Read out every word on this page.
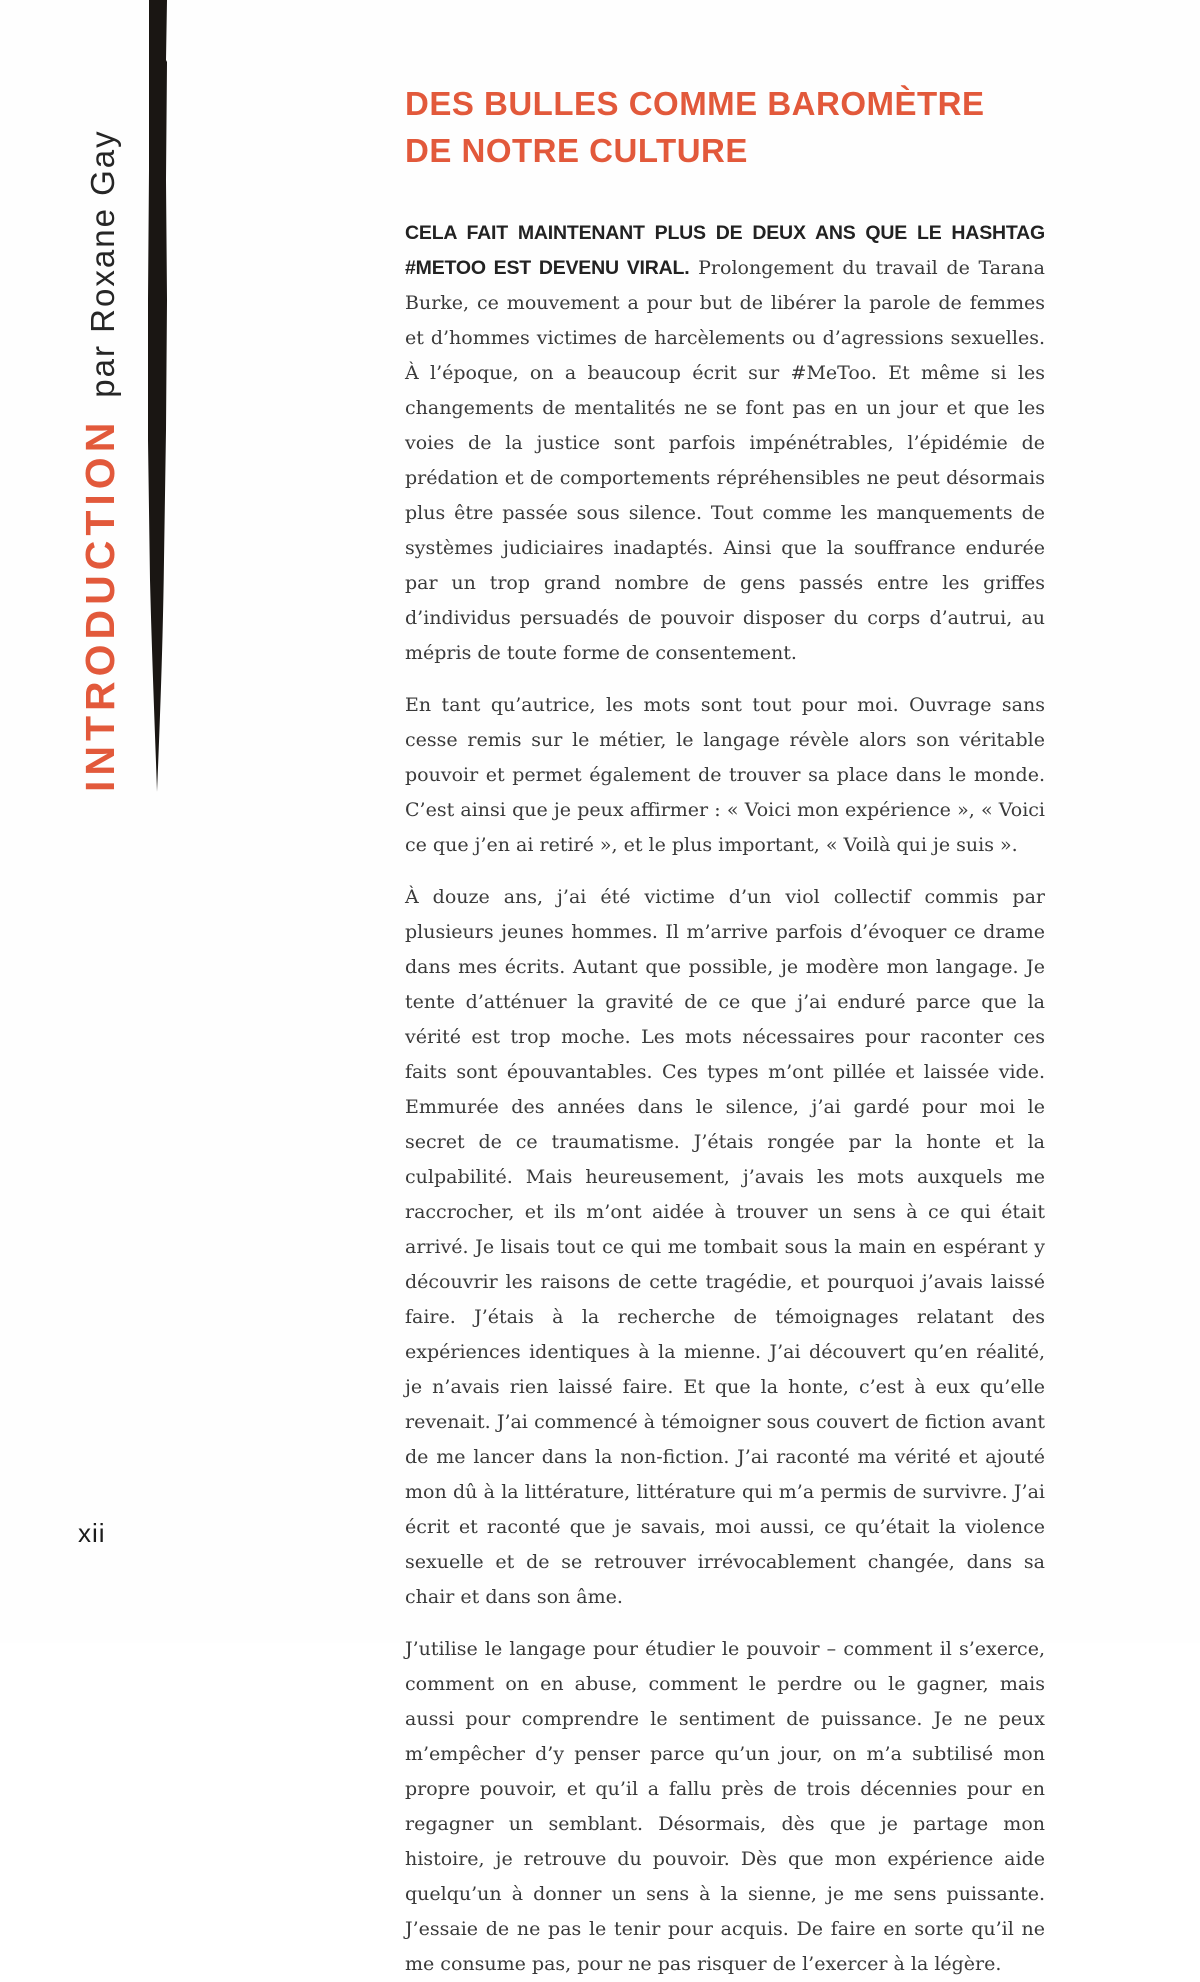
INTRODUCTIONpar Roxane Gay
DES BULLES COMME BAROMÈTRE
DE NOTRE CULTURE

CELA FAIT MAINTENANT PLUS DE DEUX ANS QUE LE HASHTAG #METOO EST DEVENU VIRAL. Prolongement du travail de Tarana Burke, ce mouvement a pour but de libérer la parole de femmes et d’hommes victimes de harcèlements ou d’agressions sexuelles. À l’époque, on a beaucoup écrit sur #MeToo. Et même si les changements de mentalités ne se font pas en un jour et que les voies de la justice sont parfois impénétrables, l’épidémie de prédation et de comportements répréhensibles ne peut désormais plus être passée sous silence. Tout comme les manquements de systèmes judiciaires inadaptés. Ainsi que la souffrance endurée par un trop grand nombre de gens passés entre les griffes d’individus persuadés de pouvoir disposer du corps d’autrui, au mépris de toute forme de consentement.

En tant qu’autrice, les mots sont tout pour moi. Ouvrage sans cesse remis sur le métier, le langage révèle alors son véritable pouvoir et permet également de trouver sa place dans le monde. C’est ainsi que je peux affirmer : « Voici mon expérience », « Voici ce que j’en ai retiré », et le plus important, « Voilà qui je suis ».

À douze ans, j’ai été victime d’un viol collectif commis par plusieurs jeunes hommes. Il m’arrive parfois d’évoquer ce drame dans mes écrits. Autant que possible, je modère mon langage. Je tente d’atténuer la gravité de ce que j’ai enduré parce que la vérité est trop moche. Les mots nécessaires pour raconter ces faits sont épouvantables. Ces types m’ont pillée et laissée vide. Emmurée des années dans le silence, j’ai gardé pour moi le secret de ce traumatisme. J’étais rongée par la honte et la culpabilité. Mais heureusement, j’avais les mots auxquels me raccrocher, et ils m’ont aidée à trouver un sens à ce qui était arrivé. Je lisais tout ce qui me tombait sous la main en espérant y découvrir les raisons de cette tragédie, et pourquoi j’avais laissé faire. J’étais à la recherche de témoignages relatant des expériences identiques à la mienne. J’ai découvert qu’en réalité, je n’avais rien laissé faire. Et que la honte, c’est à eux qu’elle revenait. J’ai commencé à témoigner sous couvert de fiction avant de me lancer dans la non-fiction. J’ai raconté ma vérité et ajouté mon dû à la littérature, littérature qui m’a permis de survivre. J’ai écrit et raconté que je savais, moi aussi, ce qu’était la violence sexuelle et de se retrouver irrévocablement changée, dans sa chair et dans son âme.

J’utilise le langage pour étudier le pouvoir – comment il s’exerce, comment on en abuse, comment le perdre ou le gagner, mais aussi pour comprendre le sentiment de puissance. Je ne peux m’empêcher d’y penser parce qu’un jour, on m’a subtilisé mon propre pouvoir, et qu’il a fallu près de trois décennies pour en regagner un semblant. Désormais, dès que je partage mon histoire, je retrouve du pouvoir. Dès que mon expérience aide quelqu’un à donner un sens à la sienne, je me sens puissante. J’essaie de ne pas le tenir pour acquis. De faire en sorte qu’il ne me consume pas, pour ne pas risquer de l’exercer à la légère.

xii
